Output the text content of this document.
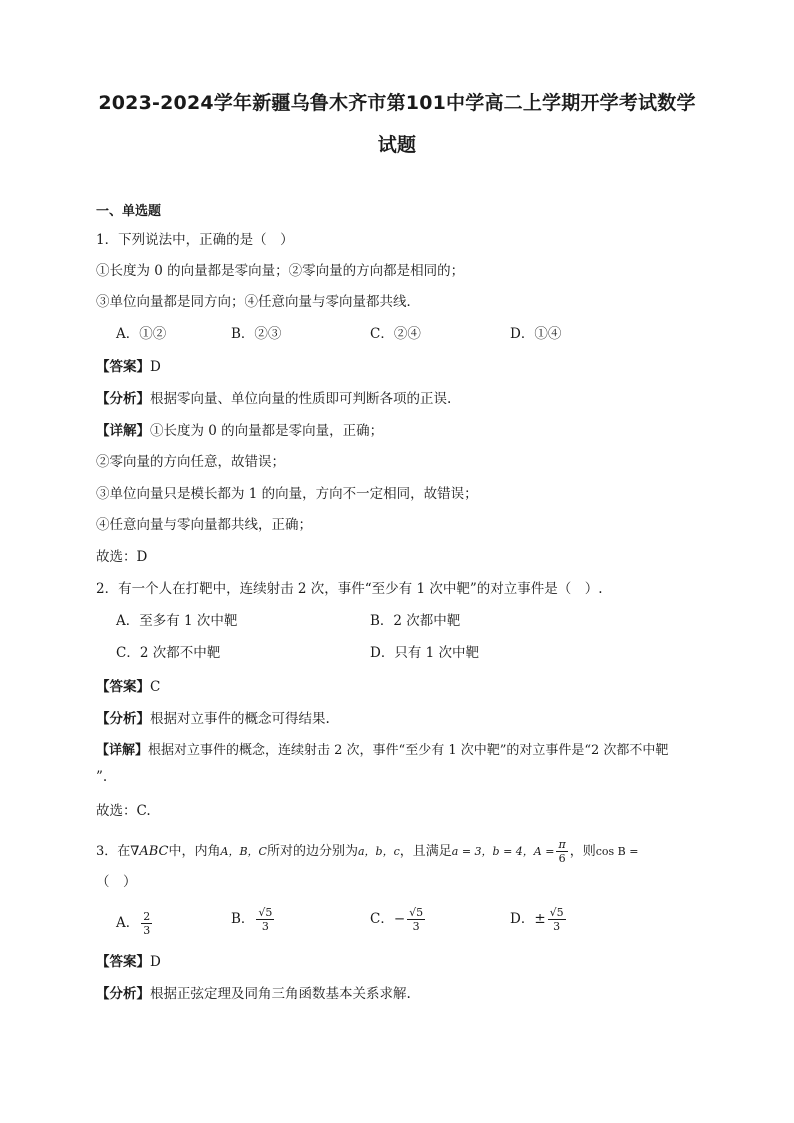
2023-2024学年新疆乌鲁木齐市第101中学高二上学期开学考试数学
试题
一、单选题
1．下列说法中，正确的是（　）
①长度为 0 的向量都是零向量；②零向量的方向都是相同的；
③单位向量都是同方向；④任意向量与零向量都共线．
A．①②	B．②③	C．②④	D．①④
【答案】D
【分析】根据零向量、单位向量的性质即可判断各项的正误.
【详解】①长度为 0 的向量都是零向量，正确；
②零向量的方向任意，故错误；
③单位向量只是模长都为 1 的向量，方向不一定相同，故错误；
④任意向量与零向量都共线，正确；
故选：D
2．有一个人在打靶中，连续射击 2 次，事件“至少有 1 次中靶”的对立事件是（　）.
A．至多有 1 次中靶	B．2 次都中靶
C．2 次都不中靶	D．只有 1 次中靶
【答案】C
【分析】根据对立事件的概念可得结果.
【详解】根据对立事件的概念，连续射击 2 次，事件“至少有 1 次中靶”的对立事件是“2 次都不中靶
”.
故选：C.
3．在∇ABC中，内角A，B，C所对的边分别为a，b，c，且满足a = 3，b = 4，$A = \frac{\pi}{6}$ ，则cos B =
（　）
A． $\frac{2}{3}$	B． $\frac{√5}{3}$	C．− $\frac{√5}{3}$	D．± $\frac{√5}{3}$
【答案】D
【分析】根据正弦定理及同角三角函数基本关系求解.
